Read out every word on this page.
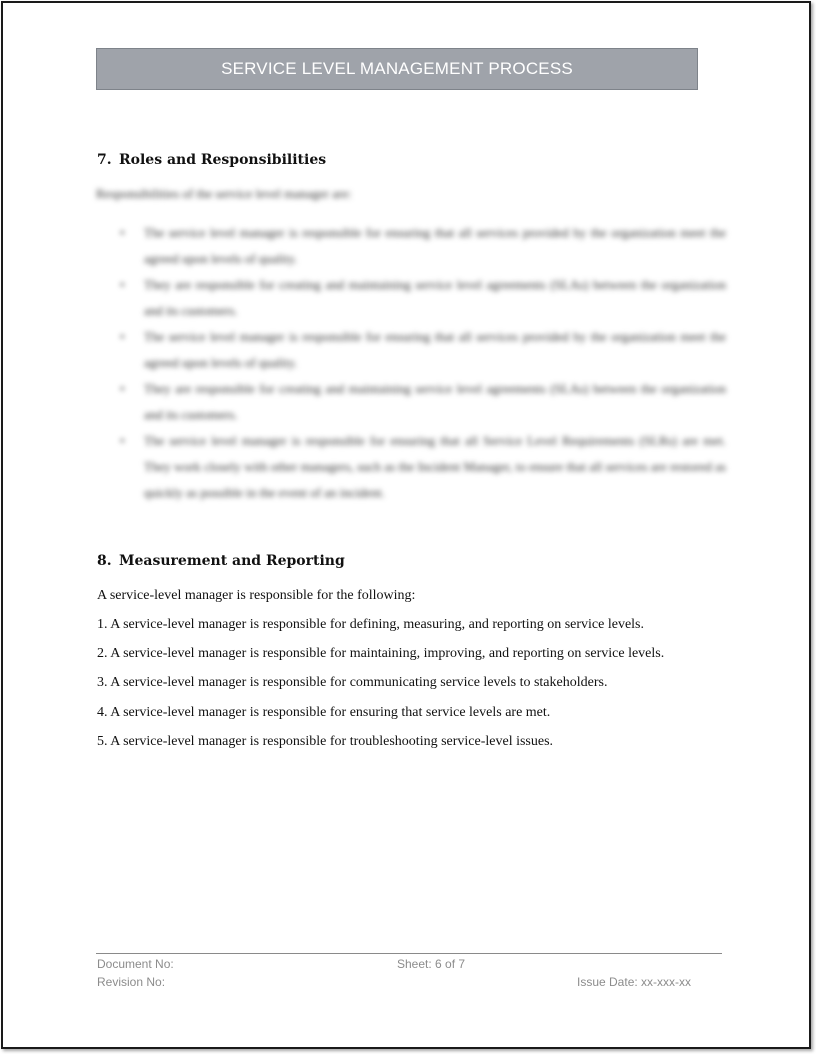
SERVICE LEVEL MANAGEMENT PROCESS
7. Roles and Responsibilities
Responsibilities of the service level manager are:
• The service level manager is responsible for ensuring that all services provided by the organization meet the agreed upon levels of quality.
• They are responsible for creating and maintaining service level agreements (SLAs) between the organization and its customers.
• The service level manager is responsible for ensuring that all services provided by the organization meet the agreed upon levels of quality.
• They are responsible for creating and maintaining service level agreements (SLAs) between the organization and its customers.
• The service level manager is responsible for ensuring that all Service Level Requirements (SLRs) are met. They work closely with other managers, such as the Incident Manager, to ensure that all services are restored as quickly as possible in the event of an incident.
8. Measurement and Reporting
A service-level manager is responsible for the following:
1. A service-level manager is responsible for defining, measuring, and reporting on service levels.
2. A service-level manager is responsible for maintaining, improving, and reporting on service levels.
3. A service-level manager is responsible for communicating service levels to stakeholders.
4. A service-level manager is responsible for ensuring that service levels are met.
5. A service-level manager is responsible for troubleshooting service-level issues.
Document No:	Sheet: 6 of 7
Revision No:	Issue Date: xx-xxx-xx
